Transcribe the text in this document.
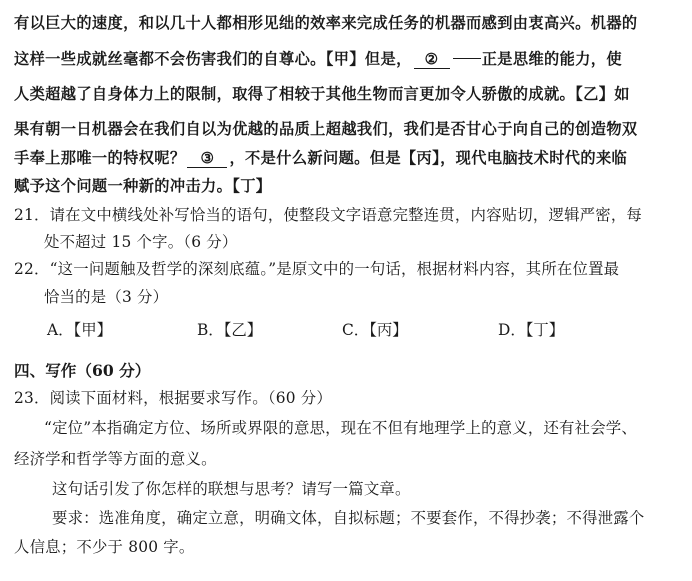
有以巨大的速度，和以几十人都相形见绌的效率来完成任务的机器而感到由衷高兴。机器的
这样一些成就丝毫都不会伤害我们的自尊心。【甲】但是， ②	正是思维的能力，使
人类超越了自身体力上的限制，取得了相较于其他生物而言更加令人骄傲的成就。【乙】如
果有朝一日机器会在我们自以为优越的品质上超越我们，我们是否甘心于向自己的创造物双
手奉上那唯一的特权呢？ ③ ，不是什么新问题。但是【丙】，现代电脑技术时代的来临
赋予这个问题一种新的冲击力。【丁】
21．请在文中横线处补写恰当的语句，使整段文字语意完整连贯，内容贴切，逻辑严密，每
处不超过 15 个字。（6 分）
22．“这一问题触及哲学的深刻底蕴。”是原文中的一句话，根据材料内容，其所在位置最
恰当的是（3 分）
A．【甲】	B．【乙】	C．【丙】	D．【丁】
四、写作（60 分）
23．阅读下面材料，根据要求写作。（60 分）
“定位”本指确定方位、场所或界限的意思，现在不但有地理学上的意义，还有社会学、
经济学和哲学等方面的意义。
这句话引发了你怎样的联想与思考？请写一篇文章。
要求：选准角度，确定立意，明确文体，自拟标题；不要套作，不得抄袭；不得泄露个
人信息；不少于 800 字。
